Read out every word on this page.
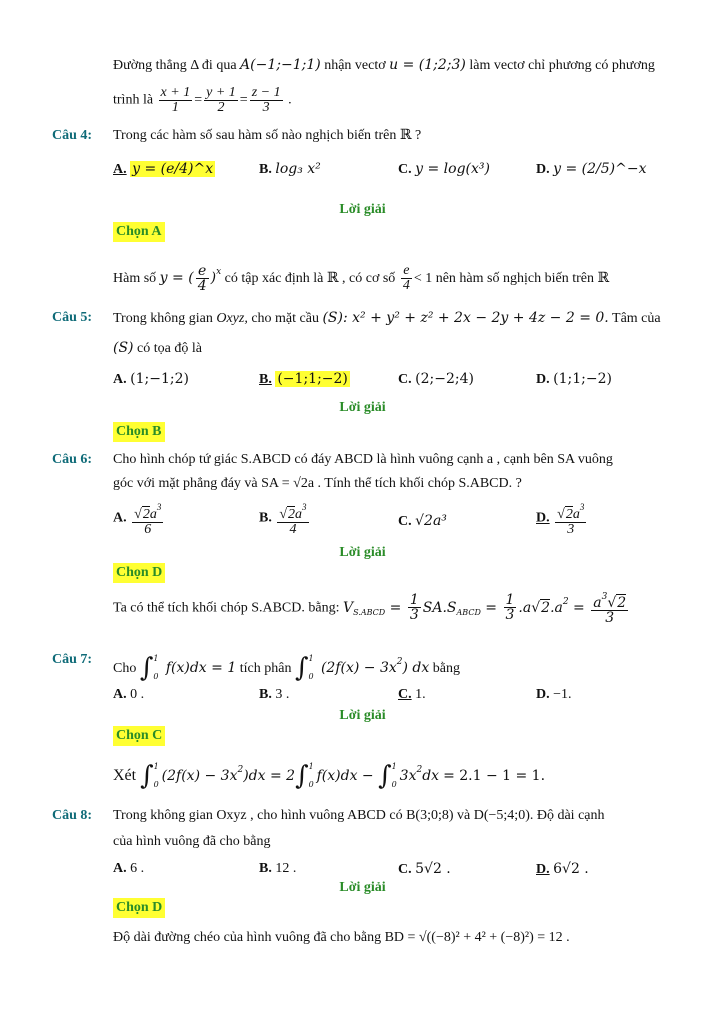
Đường thẳng Δ đi qua A(−1;−1;1) nhận vectơ u = (1;2;3) làm vectơ chỉ phương có phương
trình là $\frac{x + 1}{1} = \frac{y + 1}{2} = \frac{z - 1}{3}$ .
Câu 4: Trong các hàm số sau hàm số nào nghịch biến trên ℝ ?
A. y = (e/4)^x	B. log₃ x²	C. y = log(x³)	D. y = (2/5)^−x
Lời giải
Chọn A
Hàm số y = ( $\frac{e}{4} )^x$ có tập xác định là ℝ , có cơ số $\frac{e}{4} < 1$ nên hàm số nghịch biến trên ℝ
Câu 5: Trong không gian Oxyz, cho mặt cầu (S): x² + y² + z² + 2x − 2y + 4z − 2 = 0. Tâm của
(S) có tọa độ là
A. (1;−1;2)	B. (−1;1;−2)	C. (2;−2;4)	D. (1;1;−2)
Lời giải
Chọn B
Câu 6: Cho hình chóp tứ giác S.ABCD có đáy ABCD là hình vuông cạnh a , cạnh bên SA vuông
góc với mặt phẳng đáy và SA = √2a . Tính thể tích khối chóp S.ABCD. ?
A. $\frac{√2a^3}{6}$	B. $\frac{√2a^3}{4}$	C. √2a³	D. $\frac{√2a^3}{3}$
Lời giải
Chọn D
Ta có thể tích khối chóp S.ABCD. bằng: $V_{S.ABCD} = \frac{1}{3} SA.S_{ABCD} = \frac{1}{3} .a√2.a^2 = \frac{a^3√2}{3}$
Câu 7:
Cho ∫1
0 f(x)dx = 1 tích phân ∫1
0 $(2f(x) - 3x^2)$ dx bằng
A. 0 .	B. 3 .	C. 1.	D. −1.
Lời giải
Chọn C
Xét ∫1
$0(2f(x) - 3x^2)dx = 2\int 1$
0f(x)dx − ∫1
$03x^2dx = 2.1 - 1 = 1$.
Câu 8: Trong không gian Oxyz , cho hình vuông ABCD có B(3;0;8) và D(−5;4;0). Độ dài cạnh
của hình vuông đã cho bằng
A. 6 .	B. 12 .	C. 5√2 .	D. 6√2 .
Lời giải
Chọn D
Độ dài đường chéo của hình vuông đã cho bằng BD = √((−8)² + 4² + (−8)²) = 12 .
